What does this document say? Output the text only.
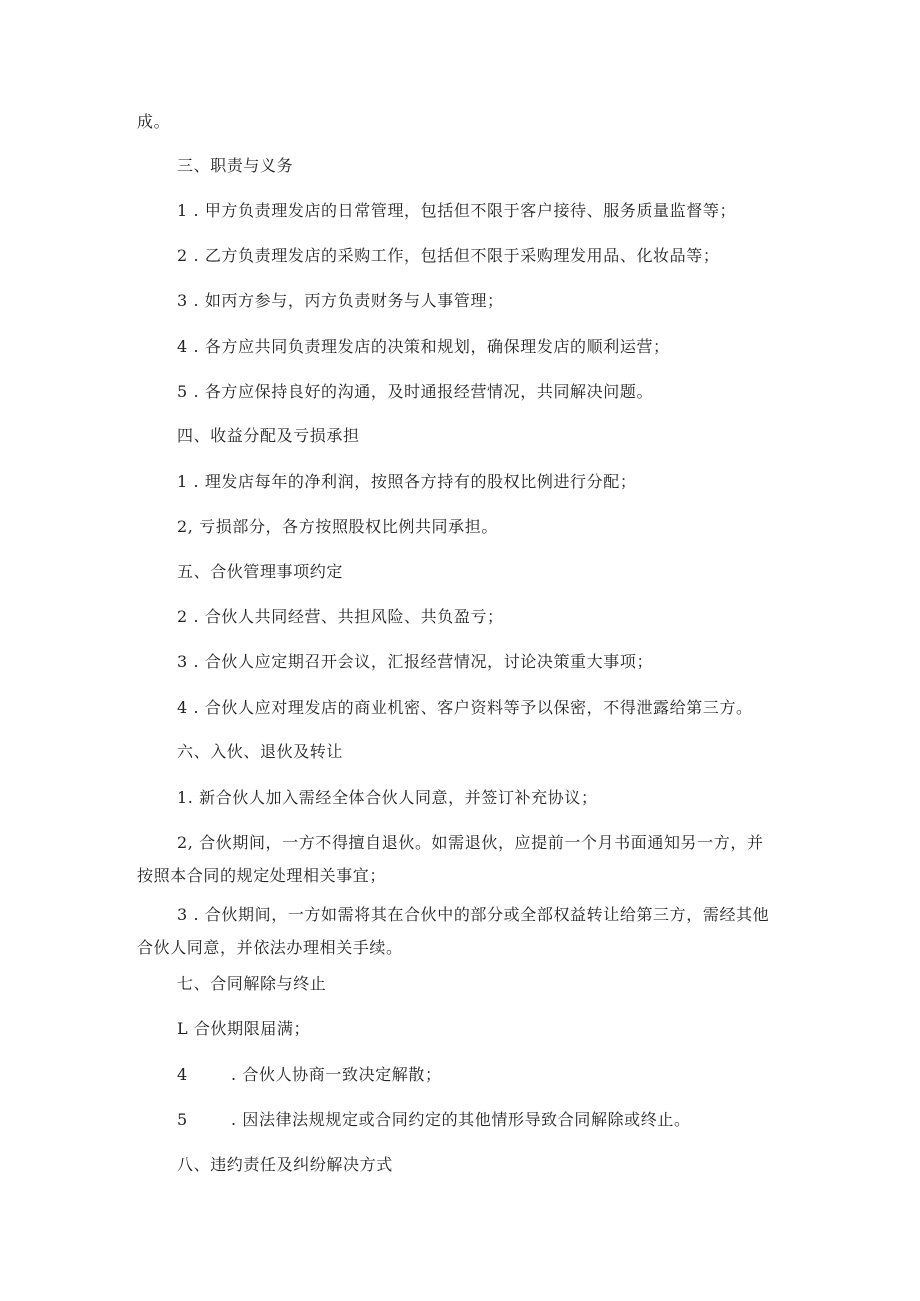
成。
三、职责与义务
1 . 甲方负责理发店的日常管理，包括但不限于客户接待、服务质量监督等；
2 . 乙方负责理发店的采购工作，包括但不限于采购理发用品、化妆品等；
3 . 如丙方参与，丙方负责财务与人事管理；
4 . 各方应共同负责理发店的决策和规划，确保理发店的顺利运营；
5 . 各方应保持良好的沟通，及时通报经营情况，共同解决问题。
四、收益分配及亏损承担
1 . 理发店每年的净利润，按照各方持有的股权比例进行分配；
2, 亏损部分，各方按照股权比例共同承担。
五、合伙管理事项约定
2 . 合伙人共同经营、共担风险、共负盈亏；
3 . 合伙人应定期召开会议，汇报经营情况，讨论决策重大事项；
4 . 合伙人应对理发店的商业机密、客户资料等予以保密，不得泄露给第三方。
六、入伙、退伙及转让
1. 新合伙人加入需经全体合伙人同意，并签订补充协议；
2, 合伙期间，一方不得擅自退伙。如需退伙，应提前一个月书面通知另一方，并按照本合同的规定处理相关事宜；
3 . 合伙期间，一方如需将其在合伙中的部分或全部权益转让给第三方，需经其他合伙人同意，并依法办理相关手续。
七、合同解除与终止
L 合伙期限届满；
4	. 合伙人协商一致决定解散；
5	. 因法律法规规定或合同约定的其他情形导致合同解除或终止。
八、违约责任及纠纷解决方式
